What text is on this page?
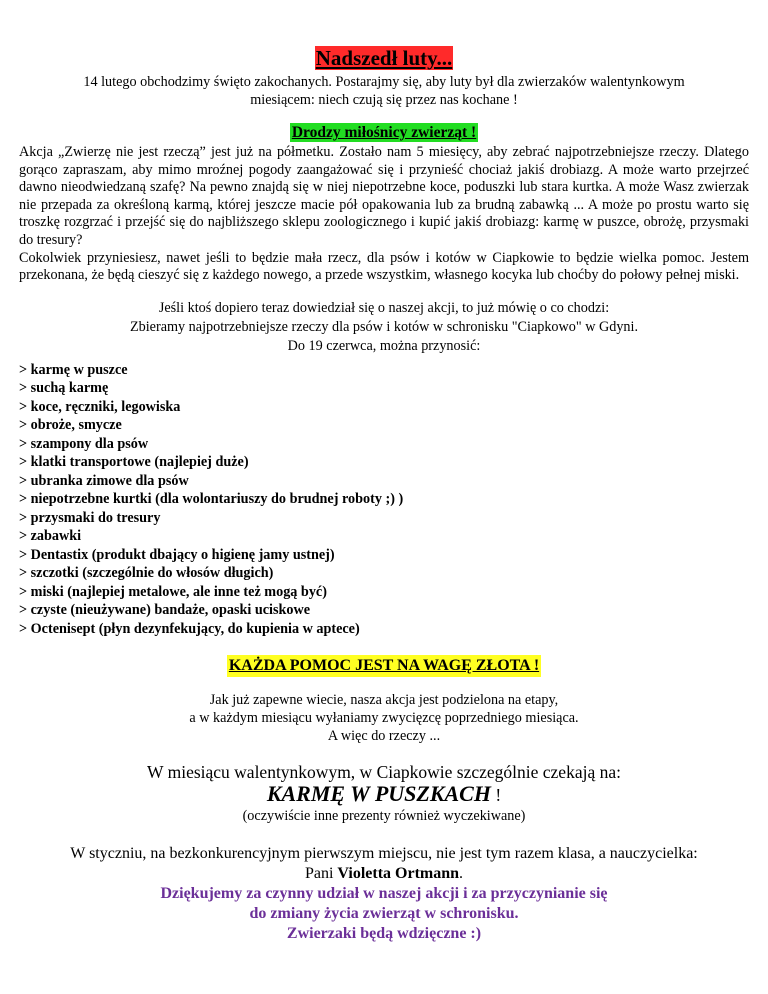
Nadszedł luty...
14 lutego obchodzimy święto zakochanych. Postarajmy się, aby luty był dla zwierzaków walentynkowym
miesiącem: niech czują się przez nas kochane !
Drodzy miłośnicy zwierząt !

Akcja „Zwierzę nie jest rzeczą” jest już na półmetku. Zostało nam 5 miesięcy, aby zebrać najpotrzebniejsze rzeczy. Dlatego gorąco zapraszam, aby mimo mroźnej pogody zaangażować się i przynieść chociaż jakiś drobiazg. A może warto przejrzeć dawno nieodwiedzaną szafę? Na pewno znajdą się w niej niepotrzebne koce, poduszki lub stara kurtka. A może Wasz zwierzak nie przepada za określoną karmą, której jeszcze macie pół opakowania lub za brudną zabawką ... A może po prostu warto się troszkę rozgrzać i przejść się do najbliższego sklepu zoologicznego i kupić jakiś drobiazg: karmę w puszce, obrożę, przysmaki do tresury?

Cokolwiek przyniesiesz, nawet jeśli to będzie mała rzecz, dla psów i kotów w Ciapkowie to będzie wielka pomoc. Jestem przekonana, że będą cieszyć się z każdego nowego, a przede wszystkim, własnego kocyka lub choćby do połowy pełnej miski.

Jeśli ktoś dopiero teraz dowiedział się o naszej akcji, to już mówię o co chodzi:

Zbieramy najpotrzebniejsze rzeczy dla psów i kotów w schronisku "Ciapkowo" w Gdyni.

Do 19 czerwca, można przynosić:

> karmę w puszce
> suchą karmę
> koce, ręczniki, legowiska
> obroże, smycze
> szampony dla psów
> klatki transportowe (najlepiej duże)
> ubranka zimowe dla psów
> niepotrzebne kurtki (dla wolontariuszy do brudnej roboty ;) )
> przysmaki do tresury
> zabawki
> Dentastix (produkt dbający o higienę jamy ustnej)
> szczotki (szczególnie do włosów długich)
> miski (najlepiej metalowe, ale inne też mogą być)
> czyste (nieużywane) bandaże, opaski uciskowe
> Octenisept (płyn dezynfekujący, do kupienia w aptece)
KAŻDA POMOC JEST NA WAGĘ ZŁOTA !

Jak już zapewne wiecie, nasza akcja jest podzielona na etapy,

a w każdym miesiącu wyłaniamy zwycięzcę poprzedniego miesiąca.

A więc do rzeczy ...

W miesiącu walentynkowym, w Ciapkowie szczególnie czekają na:

KARMĘ W PUSZKACH !

(oczywiście inne prezenty również wyczekiwane)

W styczniu, na bezkonkurencyjnym pierwszym miejscu, nie jest tym razem klasa, a nauczycielka:

Pani Violetta Ortmann.

Dziękujemy za czynny udział w naszej akcji i za przyczynianie się

do zmiany życia zwierząt w schronisku.

Zwierzaki będą wdzięczne :)
